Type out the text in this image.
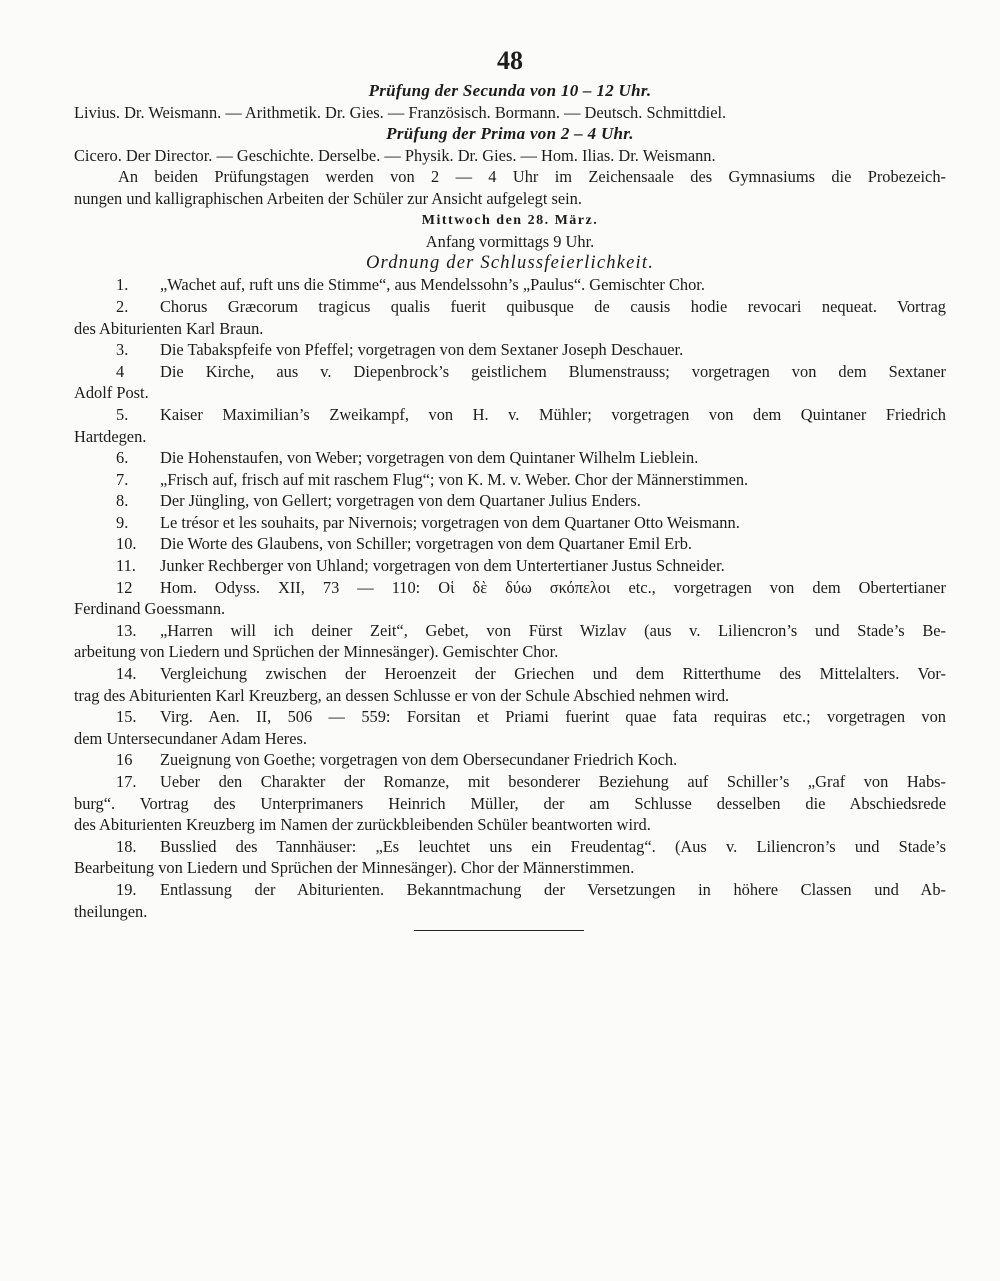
48
Prüfung der Secunda von 10 – 12 Uhr.
Livius. Dr. Weismann. — Arithmetik. Dr. Gies. — Französisch. Bormann. — Deutsch. Schmittdiel.
Prüfung der Prima von 2 – 4 Uhr.
Cicero. Der Director. — Geschichte. Derselbe. — Physik. Dr. Gies. — Hom. Ilias. Dr. Weismann.
An beiden Prüfungstagen werden von 2 — 4 Uhr im Zeichensaale des Gymnasiums die Probezeich-
nungen und kalligraphischen Arbeiten der Schüler zur Ansicht aufgelegt sein.
Mittwoch den 28. März.
Anfang vormittags 9 Uhr.
Ordnung der Schlussfeierlichkeit.
1.	„Wachet auf, ruft uns die Stimme“, aus Mendelssohn’s „Paulus“. Gemischter Chor.
2.	Chorus Græcorum tragicus qualis fuerit quibusque de causis hodie revocari nequeat. Vortrag
des Abiturienten Karl Braun.
3.	Die Tabakspfeife von Pfeffel; vorgetragen von dem Sextaner Joseph Deschauer.
4	Die Kirche, aus v. Diepenbrock’s geistlichem Blumenstrauss; vorgetragen von dem Sextaner
Adolf Post.
5.	Kaiser Maximilian’s Zweikampf, von H. v. Mühler; vorgetragen von dem Quintaner Friedrich
Hartdegen.
6.	Die Hohenstaufen, von Weber; vorgetragen von dem Quintaner Wilhelm Lieblein.
7.	„Frisch auf, frisch auf mit raschem Flug“; von K. M. v. Weber. Chor der Männerstimmen.
8.	Der Jüngling, von Gellert; vorgetragen von dem Quartaner Julius Enders.
9.	Le trésor et les souhaits, par Nivernois; vorgetragen von dem Quartaner Otto Weismann.
10.	Die Worte des Glaubens, von Schiller; vorgetragen von dem Quartaner Emil Erb.
11.	Junker Rechberger von Uhland; vorgetragen von dem Untertertianer Justus Schneider.
12	Hom. Odyss. XII, 73 — 110: Οἱ δὲ δύω σκόπελοι etc., vorgetragen von dem Obertertianer
Ferdinand Goessmann.
13.	„Harren will ich deiner Zeit“, Gebet, von Fürst Wizlav (aus v. Liliencron’s und Stade’s Be-
arbeitung von Liedern und Sprüchen der Minnesänger). Gemischter Chor.
14.	Vergleichung zwischen der Heroenzeit der Griechen und dem Ritterthume des Mittelalters. Vor-
trag des Abiturienten Karl Kreuzberg, an dessen Schlusse er von der Schule Abschied nehmen wird.
15.	Virg. Aen. II, 506 — 559: Forsitan et Priami fuerint quae fata requiras etc.; vorgetragen von
dem Untersecundaner Adam Heres.
16	Zueignung von Goethe; vorgetragen von dem Obersecundaner Friedrich Koch.
17.	Ueber den Charakter der Romanze, mit besonderer Beziehung auf Schiller’s „Graf von Habs-
burg“. Vortrag des Unterprimaners Heinrich Müller, der am Schlusse desselben die Abschiedsrede
des Abiturienten Kreuzberg im Namen der zurückbleibenden Schüler beantworten wird.
18.	Busslied des Tannhäuser: „Es leuchtet uns ein Freudentag“. (Aus v. Liliencron’s und Stade’s
Bearbeitung von Liedern und Sprüchen der Minnesänger). Chor der Männerstimmen.
19.	Entlassung der Abiturienten. Bekanntmachung der Versetzungen in höhere Classen und Ab-
theilungen.
